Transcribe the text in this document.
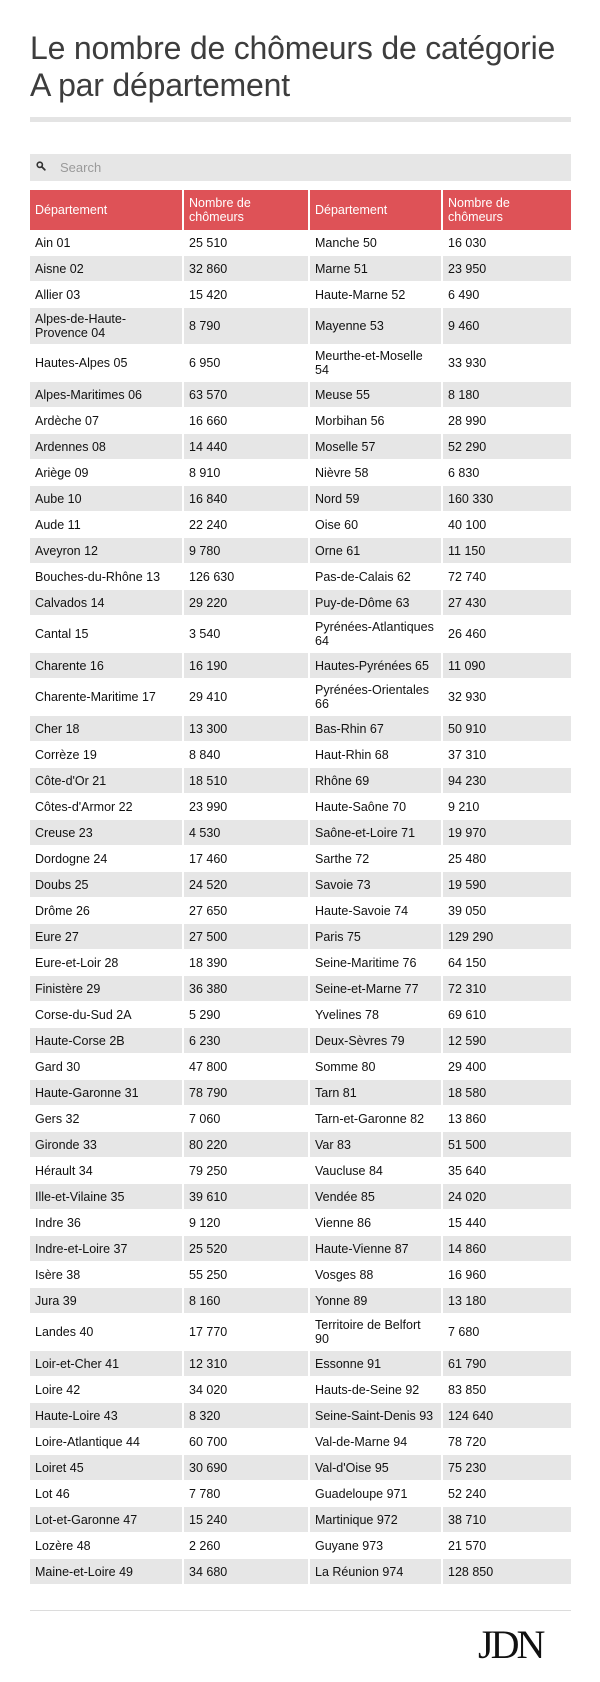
Le nombre de chômeurs de catégorie A par département
Search
Département	Nombre de chômeurs	Département	Nombre de chômeurs
Ain 01	25 510	Manche 50	16 030
Aisne 02	32 860	Marne 51	23 950
Allier 03	15 420	Haute-Marne 52	6 490
Alpes-de-Haute-Provence 04	8 790	Mayenne 53	9 460
Hautes-Alpes 05	6 950	Meurthe-et-Moselle 54	33 930
Alpes-Maritimes 06	63 570	Meuse 55	8 180
Ardèche 07	16 660	Morbihan 56	28 990
Ardennes 08	14 440	Moselle 57	52 290
Ariège 09	8 910	Nièvre 58	6 830
Aube 10	16 840	Nord 59	160 330
Aude 11	22 240	Oise 60	40 100
Aveyron 12	9 780	Orne 61	11 150
Bouches-du-Rhône 13	126 630	Pas-de-Calais 62	72 740
Calvados 14	29 220	Puy-de-Dôme 63	27 430
Cantal 15	3 540	Pyrénées-Atlantiques 64	26 460
Charente 16	16 190	Hautes-Pyrénées 65	11 090
Charente-Maritime 17	29 410	Pyrénées-Orientales 66	32 930
Cher 18	13 300	Bas-Rhin 67	50 910
Corrèze 19	8 840	Haut-Rhin 68	37 310
Côte-d'Or 21	18 510	Rhône 69	94 230
Côtes-d'Armor 22	23 990	Haute-Saône 70	9 210
Creuse 23	4 530	Saône-et-Loire 71	19 970
Dordogne 24	17 460	Sarthe 72	25 480
Doubs 25	24 520	Savoie 73	19 590
Drôme 26	27 650	Haute-Savoie 74	39 050
Eure 27	27 500	Paris 75	129 290
Eure-et-Loir 28	18 390	Seine-Maritime 76	64 150
Finistère 29	36 380	Seine-et-Marne 77	72 310
Corse-du-Sud 2A	5 290	Yvelines 78	69 610
Haute-Corse 2B	6 230	Deux-Sèvres 79	12 590
Gard 30	47 800	Somme 80	29 400
Haute-Garonne 31	78 790	Tarn 81	18 580
Gers 32	7 060	Tarn-et-Garonne 82	13 860
Gironde 33	80 220	Var 83	51 500
Hérault 34	79 250	Vaucluse 84	35 640
Ille-et-Vilaine 35	39 610	Vendée 85	24 020
Indre 36	9 120	Vienne 86	15 440
Indre-et-Loire 37	25 520	Haute-Vienne 87	14 860
Isère 38	55 250	Vosges 88	16 960
Jura 39	8 160	Yonne 89	13 180
Landes 40	17 770	Territoire de Belfort 90	7 680
Loir-et-Cher 41	12 310	Essonne 91	61 790
Loire 42	34 020	Hauts-de-Seine 92	83 850
Haute-Loire 43	8 320	Seine-Saint-Denis 93	124 640
Loire-Atlantique 44	60 700	Val-de-Marne 94	78 720
Loiret 45	30 690	Val-d'Oise 95	75 230
Lot 46	7 780	Guadeloupe 971	52 240
Lot-et-Garonne 47	15 240	Martinique 972	38 710
Lozère 48	2 260	Guyane 973	21 570
Maine-et-Loire 49	34 680	La Réunion 974	128 850
JDN
